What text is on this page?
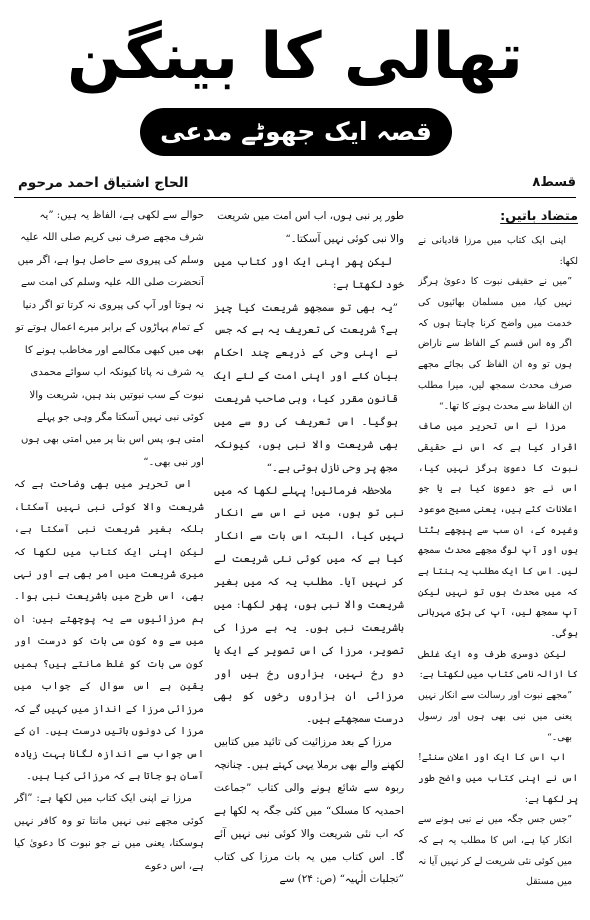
تھالی کا بینگن
قصہ ایک جھوٹے مدعی نبوت کا	قسط۸
الحاج اشتیاق احمد مرحوم

متضاد باتیں:

اپنی ایک کتاب میں مرزا قادیانی نے لکھا:

”میں نے حقیقی نبوت کا دعویٰ ہرگز نہیں کیا، میں مسلمان بھائیوں کی خدمت میں واضح کرنا چاہتا ہوں کہ اگر وہ اس قسم کے الفاظ سے ناراض ہوں تو وہ ان الفاظ کی بجائے مجھے صرف محدث سمجھ لیں، میرا مطلب ان الفاظ سے محدث ہونے کا تھا۔“

مرزا نے اس تحریر میں صاف اقرار کیا ہے کہ اس نے حقیقی نبوت کا دعویٰ ہرگز نہیں کیا، اس نے جو دعویٰ کیا ہے یا جو اعلانات کئے ہیں، یعنی مسیح موعود وغیرہ کے، ان سب سے پیچھے ہٹتا ہوں اور آپ لوگ مجھے محدث سمجھ لیں۔ اس کا ایک مطلب یہ بنتا ہے کہ میں محدث ہوں تو نہیں لیکن آپ سمجھ لیں، آپ کی بڑی مہربانی ہوگی۔

لیکن دوسری طرف وہ ایک غلطی کا ازالہ نامی کتاب میں لکھتا ہے:

”مجھے نبوت اور رسالت سے انکار نہیں یعنی میں نبی بھی ہوں اور رسول بھی۔“

اب اس کا ایک اور اعلان سنئے! اس نے اپنی کتاب میں واضح طور پر لکھا ہے:

”جس جس جگہ میں نے نبی ہونے سے انکار کیا ہے، اس کا مطلب یہ ہے کہ میں کوئی نئی شریعت لے کر نہیں آیا نہ میں مستقل

طور پر نبی ہوں، اب اس امت میں شریعت والا نبی کوئی نہیں آسکتا۔“

لیکن پھر اپنی ایک اور کتاب میں خود لکھتا ہے:

”یہ بھی تو سمجھو شریعت کیا چیز ہے؟ شریعت کی تعریف یہ ہے کہ جس نے اپنی وحی کے ذریعے چند احکام بیان کئے اور اپنی امت کے لئے ایک قانون مقرر کیا، وہی صاحب شریعت ہوگیا۔ اس تعریف کی رو سے میں بھی شریعت والا نبی ہوں، کیونکہ مجھ پر وحی نازل ہوتی ہے۔“

ملاحظہ فرمائیں! پہلے لکھا کہ میں نبی تو ہوں، میں نے اس سے انکار نہیں کیا، البتہ اس بات سے انکار کیا ہے کہ میں کوئی نئی شریعت لے کر نہیں آیا۔ مطلب یہ کہ میں بغیر شریعت والا نبی ہوں، پھر لکھا: میں باشریعت نبی ہوں۔ یہ ہے مرزا کی تصویر، مرزا کی اس تصویر کے ایک یا دو رخ نہیں، ہزاروں رخ ہیں اور مرزائی ان ہزاروں رخوں کو بھی درست سمجھتے ہیں۔

مرزا کے بعد مرزائیت کی تائید میں کتابیں لکھنے والے بھی برملا یہی کہتے ہیں۔ چنانچہ ربوہ سے شائع ہونے والی کتاب ”جماعت احمدیہ کا مسلک“ میں کئی جگہ یہ لکھا ہے کہ اب نئی شریعت والا کوئی نبی نہیں آئے گا۔ اس کتاب میں یہ بات مرزا کی کتاب ”تجلیات الٰہیہ“ (ص: ۲۴) سے

حوالے سے لکھی ہے، الفاظ یہ ہیں: ”یہ شرف مجھے صرف نبی کریم صلی اللہ علیہ وسلم کی پیروی سے حاصل ہوا ہے، اگر میں آنحضرت صلی اللہ علیہ وسلم کی امت سے نہ ہوتا اور آپ کی پیروی نہ کرتا تو اگر دنیا کے تمام پہاڑوں کے برابر میرے اعمال ہوتے تو بھی میں کبھی مکالمے اور مخاطب ہونے کا یہ شرف نہ پاتا کیونکہ اب سوائے محمدی نبوت کے سب نبوتیں بند ہیں، شریعت والا کوئی نبی نہیں آسکتا مگر وہی جو پہلے امتی ہو، پس اس بنا پر میں امتی بھی ہوں اور نبی بھی۔“

اس تحریر میں بھی وضاحت ہے کہ شریعت والا کوئی نبی نہیں آسکتا، بلکہ بغیر شریعت نبی آسکتا ہے، لیکن اپنی ایک کتاب میں لکھا کہ میری شریعت میں امر بھی ہے اور نہی بھی، اس طرح میں باشریعت نبی ہوا۔ ہم مرزائیوں سے یہ پوچھتے ہیں: ان میں سے وہ کون سی بات کو درست اور کون سی بات کو غلط مانتے ہیں؟ ہمیں یقین ہے اس سوال کے جواب میں مرزائی مرزا کے انداز میں کہیں گے کہ مرزا کی دونوں باتیں درست ہیں۔ ان کے اس جواب سے اندازہ لگانا بہت زیادہ آسان ہو جاتا ہے کہ مرزائی کیا ہیں۔

مرزا نے اپنی ایک کتاب میں لکھا ہے: ”اگر کوئی مجھے نبی نہیں مانتا تو وہ کافر نہیں ہوسکتا، یعنی میں نے جو نبوت کا دعویٰ کیا ہے، اس دعوے
